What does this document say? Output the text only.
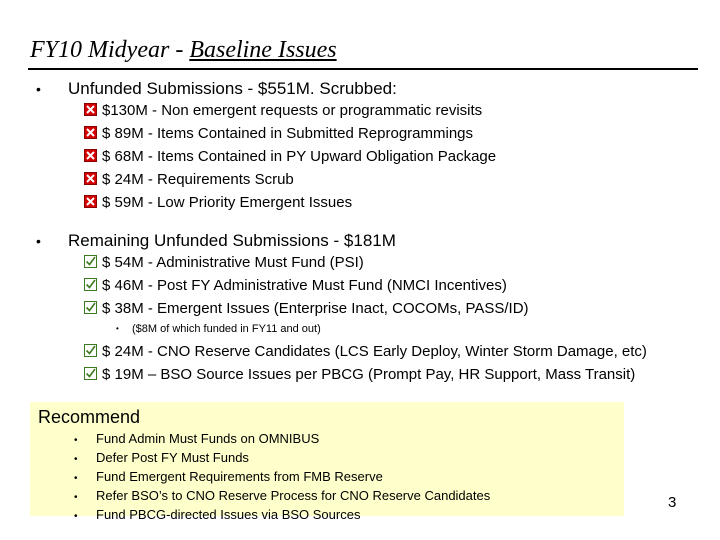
FY10 Midyear - Baseline Issues
• Unfunded Submissions - $551M. Scrubbed:
$130M - Non emergent requests or programmatic revisits
$ 89M - Items Contained in Submitted Reprogrammings
$ 68M - Items Contained in PY Upward Obligation Package
$ 24M - Requirements Scrub
$ 59M - Low Priority Emergent Issues
• Remaining Unfunded Submissions - $181M
$ 54M - Administrative Must Fund (PSI)
$ 46M - Post FY Administrative Must Fund (NMCI Incentives)
$ 38M - Emergent Issues (Enterprise Inact, COCOMs, PASS/ID)
• ($8M of which funded in FY11 and out)
$ 24M - CNO Reserve Candidates (LCS Early Deploy, Winter Storm Damage, etc)
$ 19M – BSO Source Issues per PBCG (Prompt Pay, HR Support, Mass Transit)
Recommend
• Fund Admin Must Funds on OMNIBUS
• Defer Post FY Must Funds
• Fund Emergent Requirements from FMB Reserve
• Refer BSO’s to CNO Reserve Process for CNO Reserve Candidates
• Fund PBCG-directed Issues via BSO Sources
3
